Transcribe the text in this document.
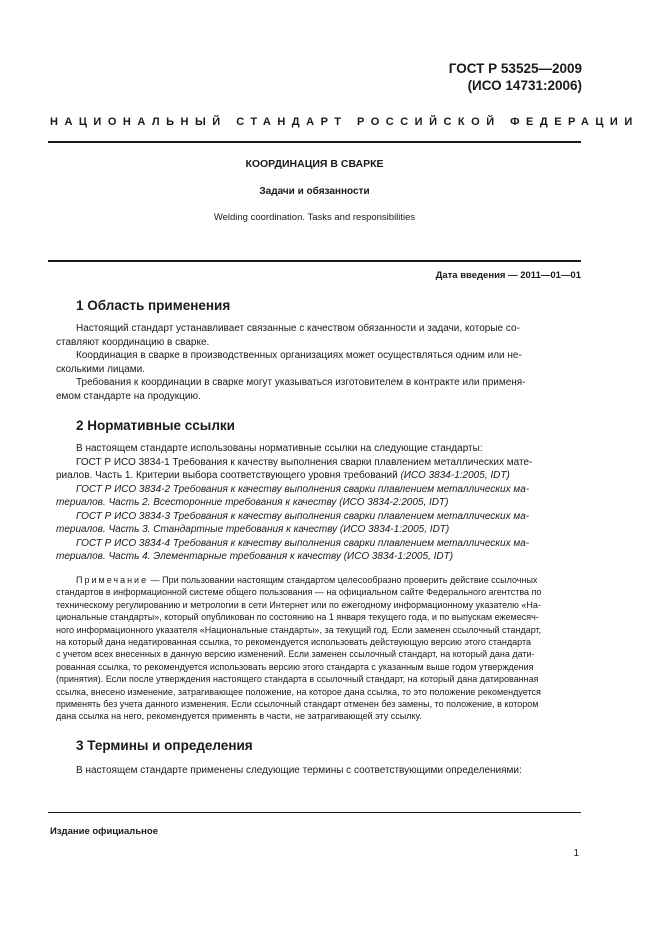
ГОСТ Р 53525—2009
(ИСО 14731:2006)
НАЦИОНАЛЬНЫЙ СТАНДАРТ РОССИЙСКОЙ ФЕДЕРАЦИИ
КООРДИНАЦИЯ В СВАРКЕ
Задачи и обязанности
Welding coordination. Tasks and responsibilities
Дата введения — 2011—01—01
1 Область применения

Настоящий стандарт устанавливает связанные с качеством обязанности и задачи, которые со-

ставляют координацию в сварке.

Координация в сварке в производственных организациях может осуществляться одним или не-

сколькими лицами.

Требования к координации в сварке могут указываться изготовителем в контракте или применя-

емом стандарте на продукцию.

2 Нормативные ссылки

В настоящем стандарте использованы нормативные ссылки на следующие стандарты:

ГОСТ Р ИСО 3834-1 Требования к качеству выполнения сварки плавлением металлических мате-

риалов. Часть 1. Критерии выбора соответствующего уровня требований (ИСО 3834-1:2005, IDT)

ГОСТ Р ИСО 3834-2 Требования к качеству выполнения сварки плавлением металлических ма-

териалов. Часть 2. Всесторонние требования к качеству (ИСО 3834-2:2005, IDT)

ГОСТ Р ИСО 3834-3 Требования к качеству выполнения сварки плавлением металлических ма-

териалов. Часть 3. Стандартные требования к качеству (ИСО 3834-1:2005, IDT)

ГОСТ Р ИСО 3834-4 Требования к качеству выполнения сварки плавлением металлических ма-

териалов. Часть 4. Элементарные требования к качеству (ИСО 3834-1:2005, IDT)

Примечание — При пользовании настоящим стандартом целесообразно проверить действие ссылочных

стандартов в информационной системе общего пользования — на официальном сайте Федерального агентства по

техническому регулированию и метрологии в сети Интернет или по ежегодному информационному указателю «На-

циональные стандарты», который опубликован по состоянию на 1 января текущего года, и по выпускам ежемесяч-

ного информационного указателя «Национальные стандарты», за текущий год. Если заменен ссылочный стандарт,

на который дана недатированная ссылка, то рекомендуется использовать действующую версию этого стандарта

с учетом всех внесенных в данную версию изменений. Если заменен ссылочный стандарт, на который дана дати-

рованная ссылка, то рекомендуется использовать версию этого стандарта с указанным выше годом утверждения

(принятия). Если после утверждения настоящего стандарта в ссылочный стандарт, на который дана датированная

ссылка, внесено изменение, затрагивающее положение, на которое дана ссылка, то это положение рекомендуется

применять без учета данного изменения. Если ссылочный стандарт отменен без замены, то положение, в котором

дана ссылка на него, рекомендуется применять в части, не затрагивающей эту ссылку.

3 Термины и определения

В настоящем стандарте применены следующие термины с соответствующими определениями:

Издание официальное
1
